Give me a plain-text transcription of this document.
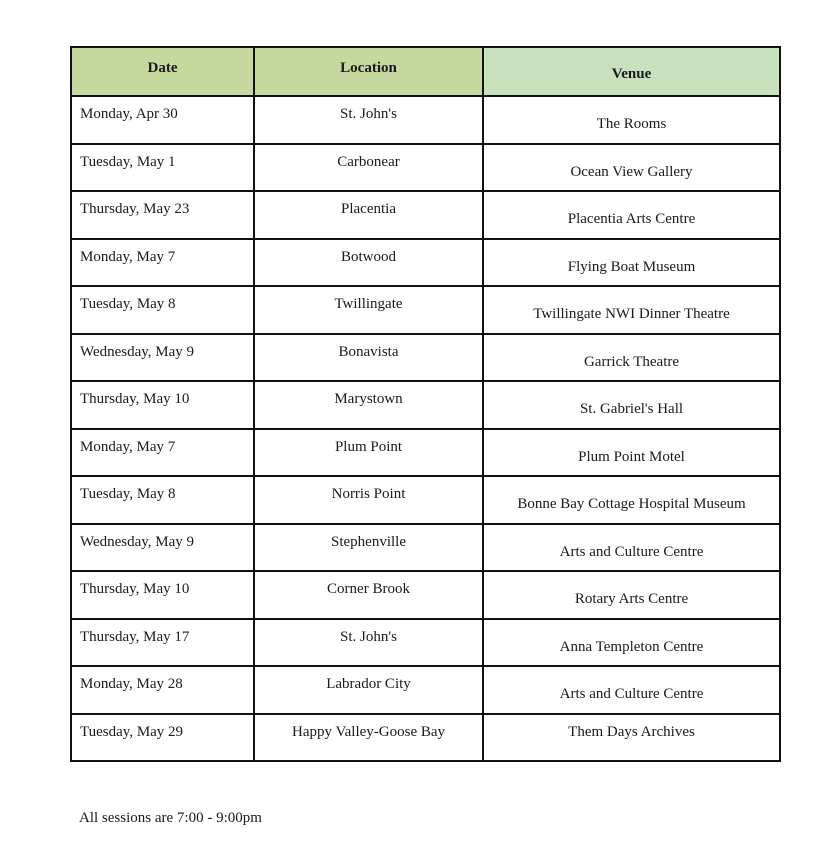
Date	Location	Venue
Monday, Apr 30	St. John's	The Rooms
Tuesday, May 1	Carbonear	Ocean View Gallery
Thursday, May 23	Placentia	Placentia Arts Centre
Monday, May 7	Botwood	Flying Boat Museum
Tuesday, May 8	Twillingate	Twillingate NWI Dinner Theatre
Wednesday, May 9	Bonavista	Garrick Theatre
Thursday, May 10	Marystown	St. Gabriel's Hall
Monday, May 7	Plum Point	Plum Point Motel
Tuesday, May 8	Norris Point	Bonne Bay Cottage Hospital Museum
Wednesday, May 9	Stephenville	Arts and Culture Centre
Thursday, May 10	Corner Brook	Rotary Arts Centre
Thursday, May 17	St. John's	Anna Templeton Centre
Monday, May 28	Labrador City	Arts and Culture Centre
Tuesday, May 29	Happy Valley-Goose Bay	Them Days Archives
All sessions are 7:00 - 9:00pm
